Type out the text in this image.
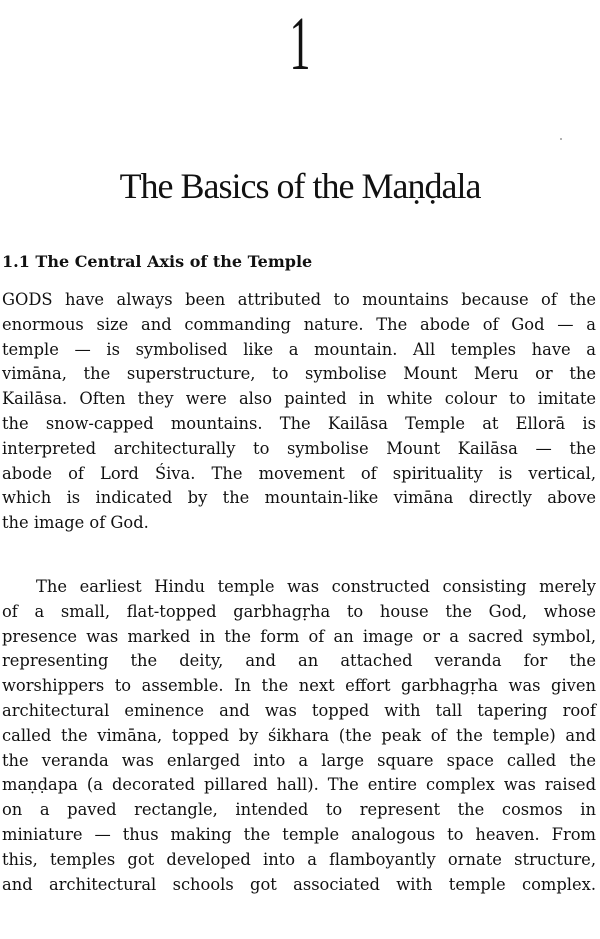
1
The Basics of the Maṇḍala
1.1 The Central Axis of the Temple
GODS have always been attributed to mountains because of the
enormous size and commanding nature. The abode of God — a
temple — is symbolised like a mountain. All temples have a
vimāna, the superstructure, to symbolise Mount Meru or the
Kailāsa. Often they were also painted in white colour to imitate
the snow-capped mountains. The Kailāsa Temple at Ellorā is
interpreted architecturally to symbolise Mount Kailāsa — the
abode of Lord Śiva. The movement of spirituality is vertical,
which is indicated by the mountain-like vimāna directly above
the image of God.
The earliest Hindu temple was constructed consisting merely
of a small, flat-topped garbhagṛha to house the God, whose
presence was marked in the form of an image or a sacred symbol,
representing the deity, and an attached veranda for the
worshippers to assemble. In the next effort garbhagṛha was given
architectural eminence and was topped with tall tapering roof
called the vimāna, topped by śikhara (the peak of the temple) and
the veranda was enlarged into a large square space called the
maṇḍapa (a decorated pillared hall). The entire complex was raised
on a paved rectangle, intended to represent the cosmos in
miniature — thus making the temple analogous to heaven. From
this, temples got developed into a flamboyantly ornate structure,
and architectural schools got associated with temple complex.
